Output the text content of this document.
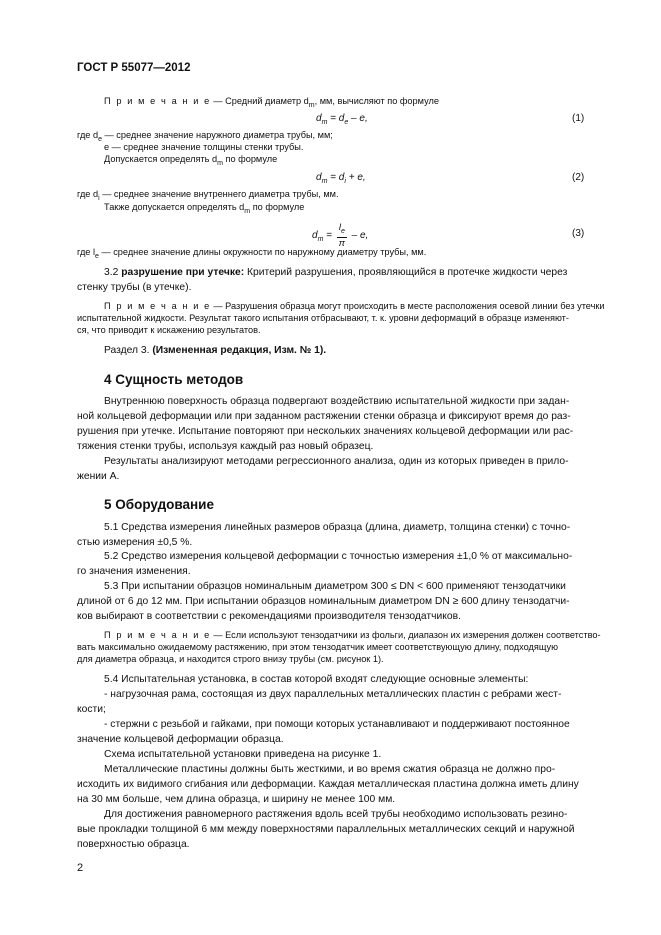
ГОСТ Р 55077—2012
П р и м е ч а н и е — Средний диаметр $d_m$, мм, вычисляют по формуле
$d_m = d_e - e$,	(1)
где $d_e$ — среднее значение наружного диаметра трубы, мм;
e — среднее значение толщины стенки трубы.
Допускается определять $d_m$ по формуле
$d_m = d_i + e$,	(2)
где $d_i$ — среднее значение внутреннего диаметра трубы, мм.
Также допускается определять $d_m$ по формуле
$d_m = \frac{l_e}{\pi} - e$,	(3)
где $l_e$ — среднее значение длины окружности по наружному диаметру трубы, мм.
3.2 разрушение при утечке: Критерий разрушения, проявляющийся в протечке жидкости через
стенку трубы (в утечке).
П р и м е ч а н и е — Разрушения образца могут происходить в месте расположения осевой линии без утечки
испытательной жидкости. Результат такого испытания отбрасывают, т. к. уровни деформаций в образце изменяют-
ся, что приводит к искажению результатов.
Раздел 3. (Измененная редакция, Изм. № 1).
4 Сущность методов
Внутреннюю поверхность образца подвергают воздействию испытательной жидкости при задан-
ной кольцевой деформации или при заданном растяжении стенки образца и фиксируют время до раз-
рушения при утечке. Испытание повторяют при нескольких значениях кольцевой деформации или рас-
тяжения стенки трубы, используя каждый раз новый образец.
Результаты анализируют методами регрессионного анализа, один из которых приведен в прило-
жении А.
5 Оборудование
5.1 Средства измерения линейных размеров образца (длина, диаметр, толщина стенки) с точно-
стью измерения ±0,5 %.
5.2 Средство измерения кольцевой деформации с точностью измерения ±1,0 % от максимально-
го значения изменения.
5.3 При испытании образцов номинальным диаметром 300 ≤ DN < 600 применяют тензодатчики
длиной от 6 до 12 мм. При испытании образцов номинальным диаметром DN ≥ 600 длину тензодатчи-
ков выбирают в соответствии с рекомендациями производителя тензодатчиков.
П р и м е ч а н и е — Если используют тензодатчики из фольги, диапазон их измерения должен соответство-
вать максимально ожидаемому растяжению, при этом тензодатчик имеет соответствующую длину, подходящую
для диаметра образца, и находится строго внизу трубы (см. рисунок 1).
5.4 Испытательная установка, в состав которой входят следующие основные элементы:
- нагрузочная рама, состоящая из двух параллельных металлических пластин с ребрами жест-
кости;
- стержни с резьбой и гайками, при помощи которых устанавливают и поддерживают постоянное
значение кольцевой деформации образца.
Схема испытательной установки приведена на рисунке 1.
Металлические пластины должны быть жесткими, и во время сжатия образца не должно про-
исходить их видимого сгибания или деформации. Каждая металлическая пластина должна иметь длину
на 30 мм больше, чем длина образца, и ширину не менее 100 мм.
Для достижения равномерного растяжения вдоль всей трубы необходимо использовать резино-
вые прокладки толщиной 6 мм между поверхностями параллельных металлических секций и наружной
поверхностью образца.
2
